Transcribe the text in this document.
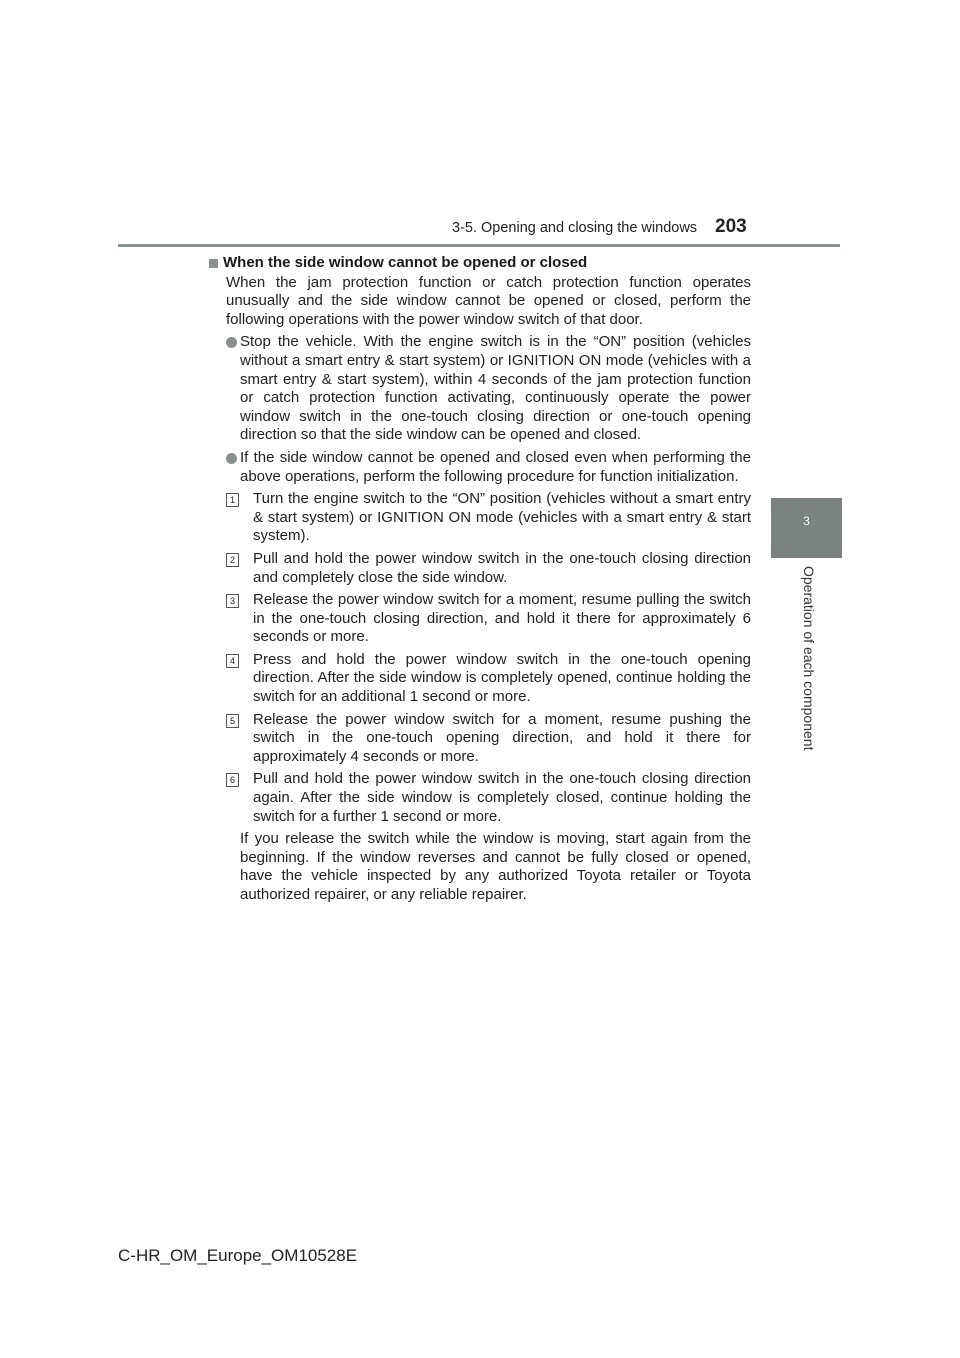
3-5. Opening and closing the windows 203
3
Operation of each component
When the side window cannot be opened or closed
When the jam protection function or catch protection function operates unusually and the side window cannot be opened or closed, perform the following operations with the power window switch of that door.
Stop the vehicle. With the engine switch is in the “ON” position (vehicles without a smart entry & start system) or IGNITION ON mode (vehicles with a smart entry & start system), within 4 seconds of the jam protection function or catch protection function activating, continuously operate the power window switch in the one-touch closing direction or one-touch opening direction so that the side window can be opened and closed.
If the side window cannot be opened and closed even when performing the above operations, perform the following procedure for function initialization.
1 Turn the engine switch to the “ON” position (vehicles without a smart entry & start system) or IGNITION ON mode (vehicles with a smart entry & start system).
2 Pull and hold the power window switch in the one-touch closing direction and completely close the side window.
3 Release the power window switch for a moment, resume pulling the switch in the one-touch closing direction, and hold it there for approximately 6 seconds or more.
4 Press and hold the power window switch in the one-touch opening direction. After the side window is completely opened, continue holding the switch for an additional 1 second or more.
5 Release the power window switch for a moment, resume pushing the switch in the one-touch opening direction, and hold it there for approximately 4 seconds or more.
6 Pull and hold the power window switch in the one-touch closing direction again. After the side window is completely closed, continue holding the switch for a further 1 second or more.
If you release the switch while the window is moving, start again from the beginning. If the window reverses and cannot be fully closed or opened, have the vehicle inspected by any authorized Toyota retailer or Toyota authorized repairer, or any reliable repairer.
C-HR_OM_Europe_OM10528E
